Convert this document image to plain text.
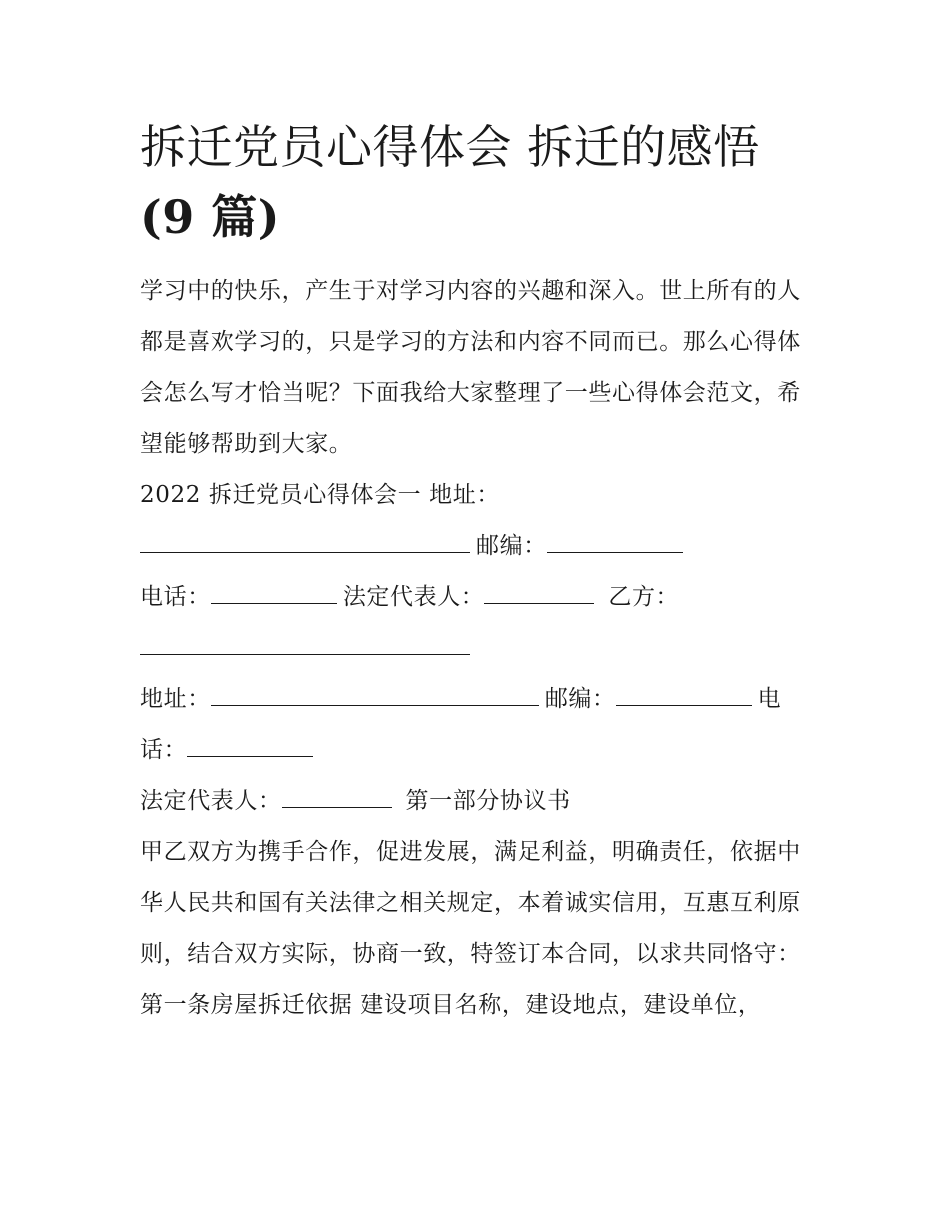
拆迁党员心得体会 拆迁的感悟
(9 篇)

学习中的快乐，产生于对学习内容的兴趣和深入。世上所有的人都是喜欢学习的，只是学习的方法和内容不同而已。那么心得体会怎么写才恰当呢？下面我给大家整理了一些心得体会范文，希望能够帮助到大家。

2022 拆迁党员心得体会一 地址：

邮编：

电话：	法定代表人：	乙方：

地址：	邮编：	电

话：

法定代表人：	第一部分协议书

甲乙双方为携手合作，促进发展，满足利益，明确责任，依据中华人民共和国有关法律之相关规定，本着诚实信用，互惠互利原则，结合双方实际，协商一致，特签订本合同，以求共同恪守：

第一条房屋拆迁依据 建设项目名称，建设地点，建设单位，
